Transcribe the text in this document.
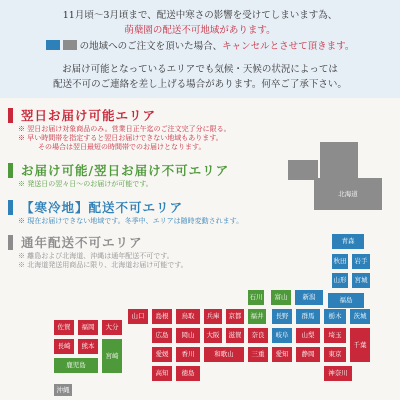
11月頃～3月頃まで、配送中寒さの影響を受けてしまいます為、
萌蘖園の配送不可地域があります。
の地域へのご注文を頂いた場合、キャンセルとさせて頂きます。
お届け可能となっているエリアでも気候・天候の状況によっては
配送不可のご連絡を差し上げる場合があります。何卒ご了承下さい。
北海道
青森
秋田	岩手
山形	宮城
福島
石川	富山	新潟
福井	長野
岐阜
群馬	栃木	茨城
埼玉
山梨
東京
千葉
神奈川
静岡
愛知
滋賀
京都
兵庫
大阪	奈良
三重
和歌山
山口	島根	鳥取
広島	岡山
愛媛	香川
高知	徳島
佐賀	福岡	大分
長崎	熊本
宮崎
鹿児島
沖縄
翌日お届け可能エリア
※ 翌日お届け対象商品のみ。営業日正午迄のご注文完了分に限る。
※ 早い時間帯を指定すると翌日お届けできない地域もあります。
その場合は翌日最短の時間帯でのお届けとなります。
お届け可能/翌日お届け不可エリア
※ 発送日の翌々日～のお届けが可能です。
【寒冷地】配送不可エリア
※ 現在お届けできない地域です。冬季中、エリアは随時変動されます。
通年配送不可エリア
※ 離島および北海道、沖縄は通年配送不可です。
※ 北海道発送用商品に限り、北海道お届け可能です。
